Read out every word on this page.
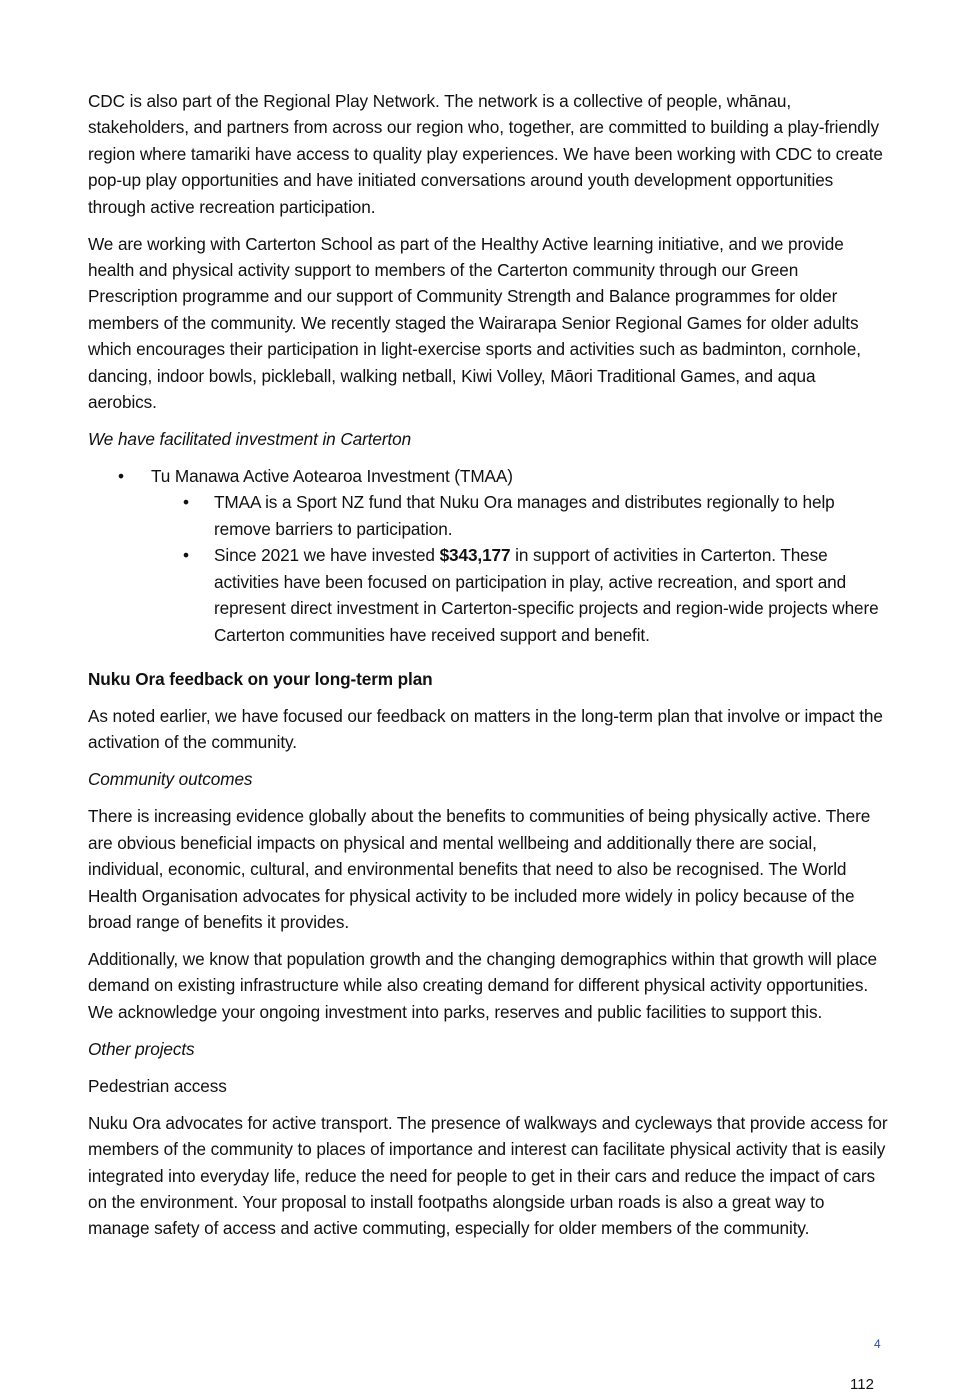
CDC is also part of the Regional Play Network. The network is a collective of people, whānau, stakeholders, and partners from across our region who, together, are committed to building a play-friendly region where tamariki have access to quality play experiences. We have been working with CDC to create pop-up play opportunities and have initiated conversations around youth development opportunities through active recreation participation.

We are working with Carterton School as part of the Healthy Active learning initiative, and we provide health and physical activity support to members of the Carterton community through our Green Prescription programme and our support of Community Strength and Balance programmes for older members of the community. We recently staged the Wairarapa Senior Regional Games for older adults which encourages their participation in light-exercise sports and activities such as badminton, cornhole, dancing, indoor bowls, pickleball, walking netball, Kiwi Volley, Māori Traditional Games, and aqua aerobics.

We have facilitated investment in Carterton

• Tu Manawa Active Aotearoa Investment (TMAA)
• TMAA is a Sport NZ fund that Nuku Ora manages and distributes regionally to help remove barriers to participation.
• Since 2021 we have invested $343,177 in support of activities in Carterton. These activities have been focused on participation in play, active recreation, and sport and represent direct investment in Carterton-specific projects and region-wide projects where Carterton communities have received support and benefit.

Nuku Ora feedback on your long-term plan

As noted earlier, we have focused our feedback on matters in the long-term plan that involve or impact the activation of the community.

Community outcomes

There is increasing evidence globally about the benefits to communities of being physically active. There are obvious beneficial impacts on physical and mental wellbeing and additionally there are social, individual, economic, cultural, and environmental benefits that need to also be recognised. The World Health Organisation advocates for physical activity to be included more widely in policy because of the broad range of benefits it provides.

Additionally, we know that population growth and the changing demographics within that growth will place demand on existing infrastructure while also creating demand for different physical activity opportunities. We acknowledge your ongoing investment into parks, reserves and public facilities to support this.

Other projects

Pedestrian access

Nuku Ora advocates for active transport. The presence of walkways and cycleways that provide access for members of the community to places of importance and interest can facilitate physical activity that is easily integrated into everyday life, reduce the need for people to get in their cars and reduce the impact of cars on the environment. Your proposal to install footpaths alongside urban roads is also a great way to manage safety of access and active commuting, especially for older members of the community.

4
112
